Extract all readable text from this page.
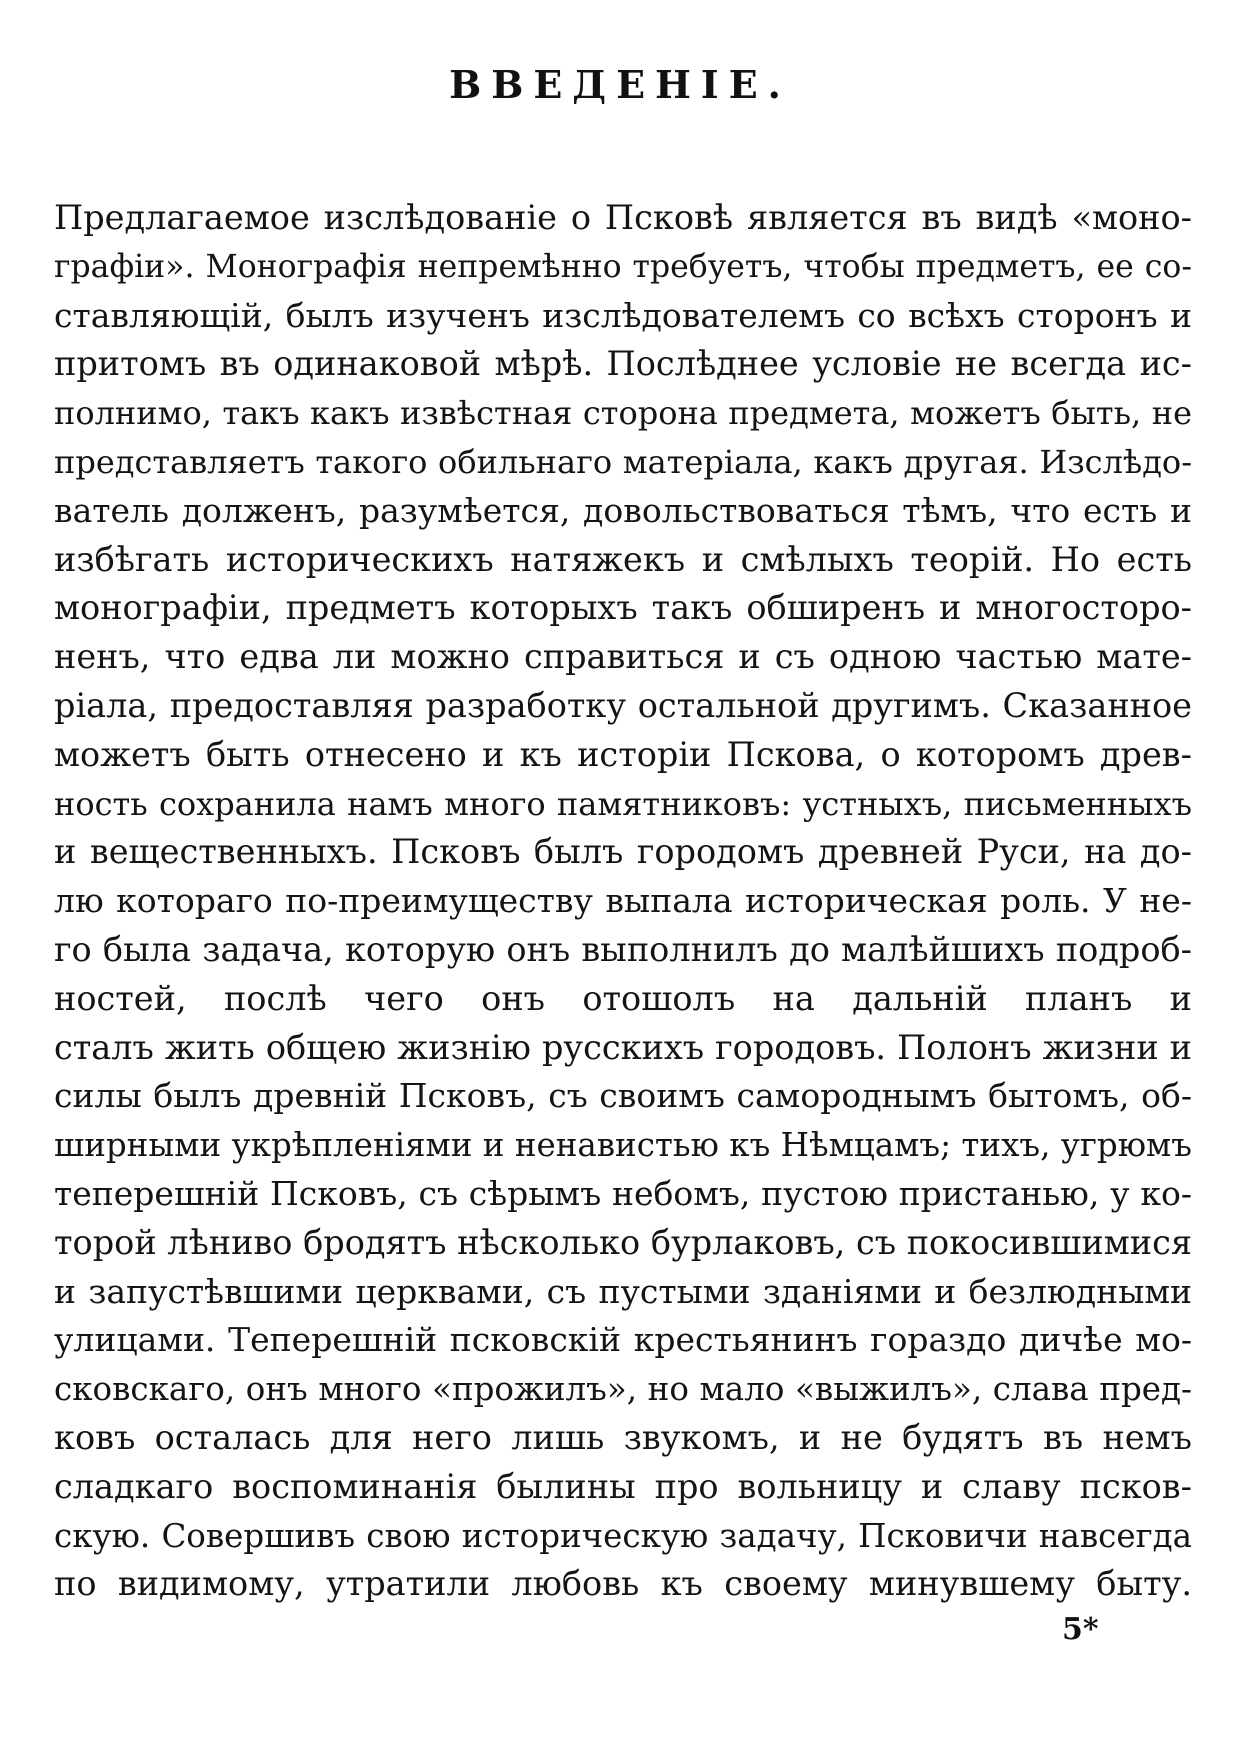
ВВЕДЕНІЕ.
Предлагаемое изслѣдованіе о Псковѣ является въ видѣ «моно-
графіи». Монографія непремѣнно требуетъ, чтобы предметъ, ее со-
ставляющій, былъ изученъ изслѣдователемъ со всѣхъ сторонъ и
притомъ въ одинаковой мѣрѣ. Послѣднее условіе не всегда ис-
полнимо, такъ какъ извѣстная сторона предмета, можетъ быть, не
представляетъ такого обильнаго матеріала, какъ другая. Изслѣдо-
ватель долженъ, разумѣется, довольствоваться тѣмъ, что есть и
избѣгать историческихъ натяжекъ и смѣлыхъ теорій. Но есть
монографіи, предметъ которыхъ такъ обширенъ и многосторо-
ненъ, что едва ли можно справиться и съ одною частью мате-
ріала, предоставляя разработку остальной другимъ. Сказанное
можетъ быть отнесено и къ исторіи Пскова, о которомъ древ-
ность сохранила намъ много памятниковъ: устныхъ, письменныхъ
и вещественныхъ. Псковъ былъ городомъ древней Руси, на до-
лю котораго по-преимуществу выпала историческая роль. У не-
го была задача, которую онъ выполнилъ до малѣйшихъ подроб-
ностей, послѣ чего онъ отошолъ на дальній планъ и
сталъ жить общею жизнію русскихъ городовъ. Полонъ жизни и
силы былъ древній Псковъ, съ своимъ самороднымъ бытомъ, об-
ширными укрѣпленіями и ненавистью къ Нѣмцамъ; тихъ, угрюмъ
теперешній Псковъ, съ сѣрымъ небомъ, пустою пристанью, у ко-
торой лѣниво бродятъ нѣсколько бурлаковъ, съ покосившимися
и запустѣвшими церквами, съ пустыми зданіями и безлюдными
улицами. Теперешній псковскій крестьянинъ гораздо дичѣе мо-
сковскаго, онъ много «прожилъ», но мало «выжилъ», слава пред-
ковъ осталась для него лишь звукомъ, и не будятъ въ немъ
сладкаго воспоминанія былины про вольницу и славу псков-
скую. Совершивъ свою историческую задачу, Псковичи навсегда
по видимому, утратили любовь къ своему минувшему быту.
5*
